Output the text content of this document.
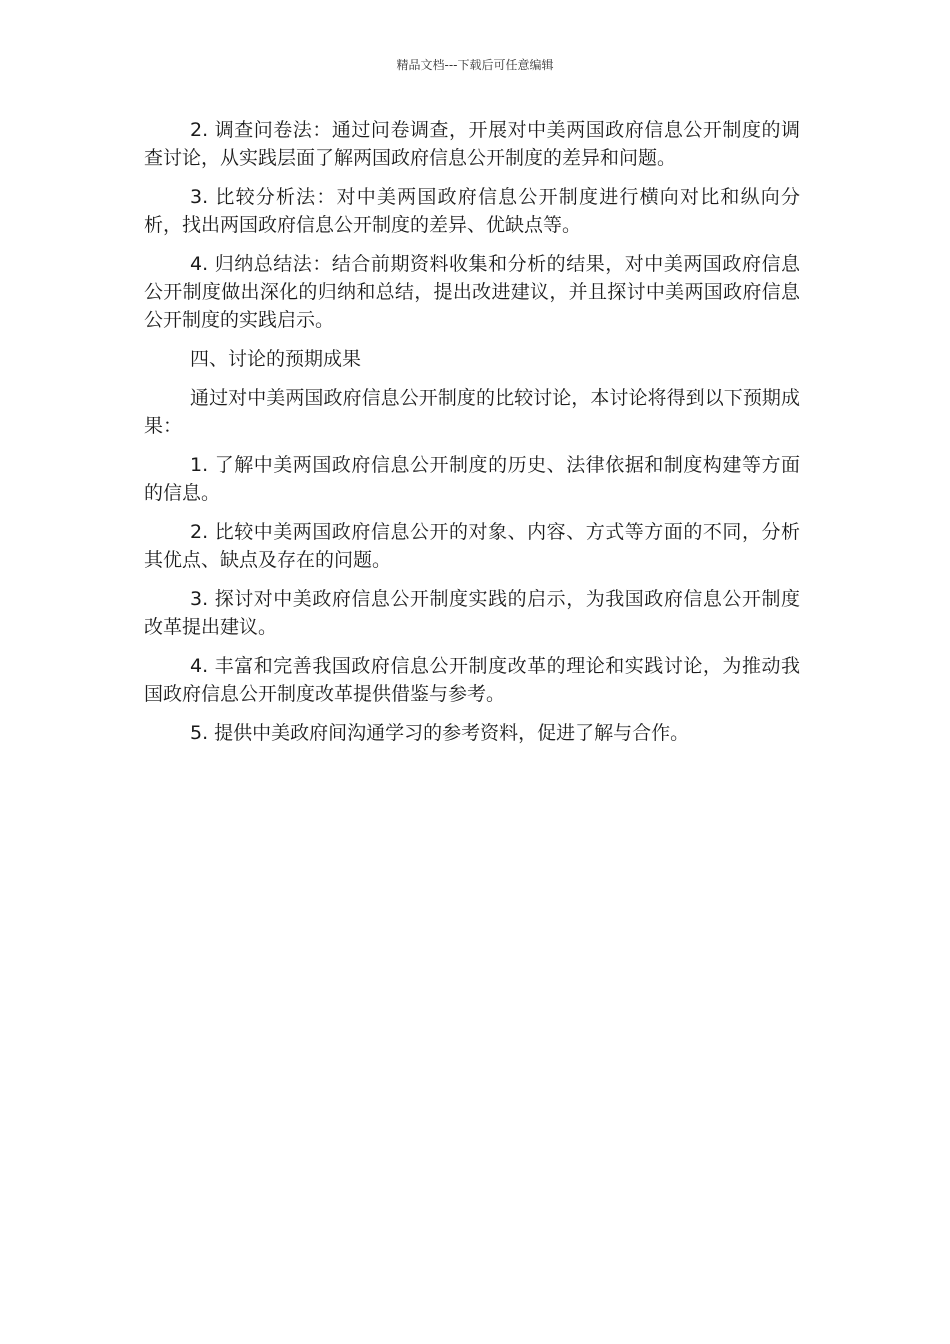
精品文档---下载后可任意编辑

2. 调查问卷法：通过问卷调查，开展对中美两国政府信息公开制度的调查讨论，从实践层面了解两国政府信息公开制度的差异和问题。

3. 比较分析法：对中美两国政府信息公开制度进行横向对比和纵向分析，找出两国政府信息公开制度的差异、优缺点等。

4. 归纳总结法：结合前期资料收集和分析的结果，对中美两国政府信息公开制度做出深化的归纳和总结，提出改进建议，并且探讨中美两国政府信息公开制度的实践启示。

四、讨论的预期成果

通过对中美两国政府信息公开制度的比较讨论，本讨论将得到以下预期成果：

1. 了解中美两国政府信息公开制度的历史、法律依据和制度构建等方面的信息。

2. 比较中美两国政府信息公开的对象、内容、方式等方面的不同，分析其优点、缺点及存在的问题。

3. 探讨对中美政府信息公开制度实践的启示，为我国政府信息公开制度改革提出建议。

4. 丰富和完善我国政府信息公开制度改革的理论和实践讨论，为推动我国政府信息公开制度改革提供借鉴与参考。

5. 提供中美政府间沟通学习的参考资料，促进了解与合作。
